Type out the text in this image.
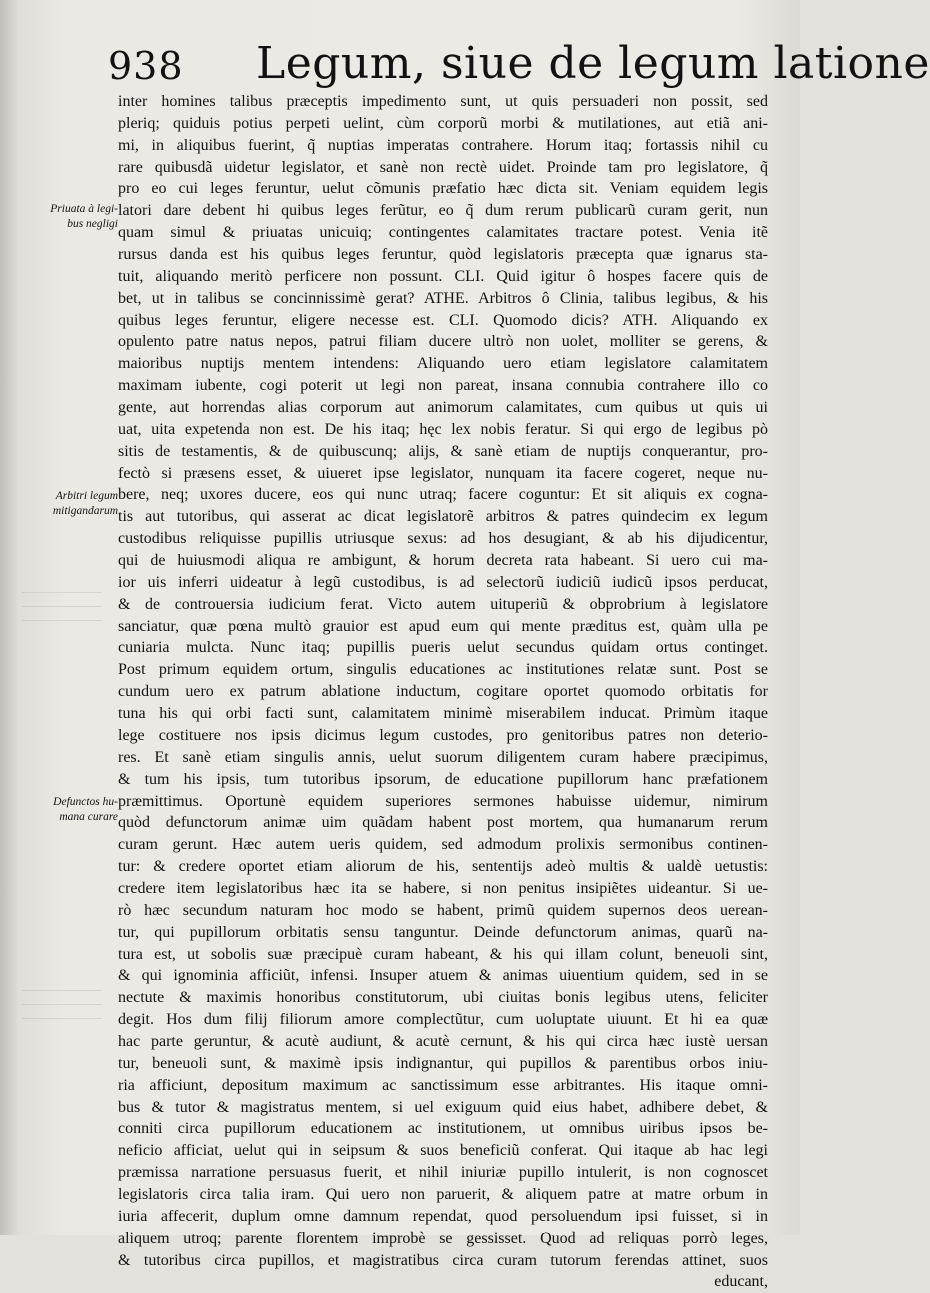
938 Legum, siue de legum latione
Priuata à legi-
bus negligi
Arbitri legum
mitigandarum
Defunctos hu-
mana curare
inter homines talibus præceptis impedimento sunt, ut quis persuaderi non possit, sed
pleriq; quiduis potius perpeti uelint, cùm corporũ morbi & mutilationes, aut etiã ani-
mi, in aliquibus fuerint, q̃ nuptias imperatas contrahere. Horum itaq; fortassis nihil cu
rare quibusdã uidetur legislator, et sanè non rectè uidet. Proinde tam pro legislatore, q̃
pro eo cui leges feruntur, uelut cõmunis præfatio hæc dicta sit. Veniam equidem legis
latori dare debent hi quibus leges ferũtur, eo q̃ dum rerum publicarũ curam gerit, nun
quam simul & priuatas unicuiq; contingentes calamitates tractare potest. Venia itẽ
rursus danda est his quibus leges feruntur, quòd legislatoris præcepta quæ ignarus sta-
tuit, aliquando meritò perficere non possunt. CLI. Quid igitur ô hospes facere quis de
bet, ut in talibus se concinnissimè gerat? ATHE. Arbitros ô Clinia, talibus legibus, & his
quibus leges feruntur, eligere necesse est. CLI. Quomodo dicis? ATH. Aliquando ex
opulento patre natus nepos, patrui filiam ducere ultrò non uolet, molliter se gerens, &
maioribus nuptijs mentem intendens: Aliquando uero etiam legislatore calamitatem
maximam iubente, cogi poterit ut legi non pareat, insana connubia contrahere illo co
gente, aut horrendas alias corporum aut animorum calamitates, cum quibus ut quis ui
uat, uita expetenda non est. De his itaq; hęc lex nobis feratur. Si qui ergo de legibus pò
sitis de testamentis, & de quibuscunq; alijs, & sanè etiam de nuptijs conquerantur, pro-
fectò si præsens esset, & uiueret ipse legislator, nunquam ita facere cogeret, neque nu-
bere, neq; uxores ducere, eos qui nunc utraq; facere coguntur: Et sit aliquis ex cogna-
tis aut tutoribus, qui asserat ac dicat legislatorẽ arbitros & patres quindecim ex legum
custodibus reliquisse pupillis utriusque sexus: ad hos desugiant, & ab his dijudicentur,
qui de huiusmodi aliqua re ambigunt, & horum decreta rata habeant. Si uero cui ma-
ior uis inferri uideatur à legũ custodibus, is ad selectorũ iudiciũ iudicũ ipsos perducat,
& de controuersia iudicium ferat. Victo autem uituperiũ & obprobrium à legislatore
sanciatur, quæ pœna multò grauior est apud eum qui mente præditus est, quàm ulla pe
cuniaria mulcta. Nunc itaq; pupillis pueris uelut secundus quidam ortus continget.
Post primum equidem ortum, singulis educationes ac institutiones relatæ sunt. Post se
cundum uero ex patrum ablatione inductum, cogitare oportet quomodo orbitatis for
tuna his qui orbi facti sunt, calamitatem minimè miserabilem inducat. Primùm itaque
lege costituere nos ipsis dicimus legum custodes, pro genitoribus patres non deterio-
res. Et sanè etiam singulis annis, uelut suorum diligentem curam habere præcipimus,
& tum his ipsis, tum tutoribus ipsorum, de educatione pupillorum hanc præfationem
præmittimus. Oportunè equidem superiores sermones habuisse uidemur, nimirum
quòd defunctorum animæ uim quãdam habent post mortem, qua humanarum rerum
curam gerunt. Hæc autem ueris quidem, sed admodum prolixis sermonibus continen-
tur: & credere oportet etiam aliorum de his, sententijs adeò multis & ualdè uetustis:
credere item legislatoribus hæc ita se habere, si non penitus insipiẽtes uideantur. Si ue-
rò hæc secundum naturam hoc modo se habent, primũ quidem supernos deos uerean-
tur, qui pupillorum orbitatis sensu tanguntur. Deinde defunctorum animas, quarũ na-
tura est, ut sobolis suæ præcipuè curam habeant, & his qui illam colunt, beneuoli sint,
& qui ignominia afficiũt, infensi. Insuper atuem & animas uiuentium quidem, sed in se
nectute & maximis honoribus constitutorum, ubi ciuitas bonis legibus utens, feliciter
degit. Hos dum filij filiorum amore complectũtur, cum uoluptate uiuunt. Et hi ea quæ
hac parte geruntur, & acutè audiunt, & acutè cernunt, & his qui circa hæc iustè uersan
tur, beneuoli sunt, & maximè ipsis indignantur, qui pupillos & parentibus orbos iniu-
ria afficiunt, depositum maximum ac sanctissimum esse arbitrantes. His itaque omni-
bus & tutor & magistratus mentem, si uel exiguum quid eius habet, adhibere debet, &
conniti circa pupillorum educationem ac institutionem, ut omnibus uiribus ipsos be-
neficio afficiat, uelut qui in seipsum & suos beneficiũ conferat. Qui itaque ab hac legi
præmissa narratione persuasus fuerit, et nihil iniuriæ pupillo intulerit, is non cognoscet
legislatoris circa talia iram. Qui uero non paruerit, & aliquem patre at matre orbum in
iuria affecerit, duplum omne damnum rependat, quod persoluendum ipsi fuisset, si in
aliquem utroq; parente florentem improbè se gessisset. Quod ad reliquas porrò leges,
& tutoribus circa pupillos, et magistratibus circa curam tutorum ferendas attinet, suos
educant,
